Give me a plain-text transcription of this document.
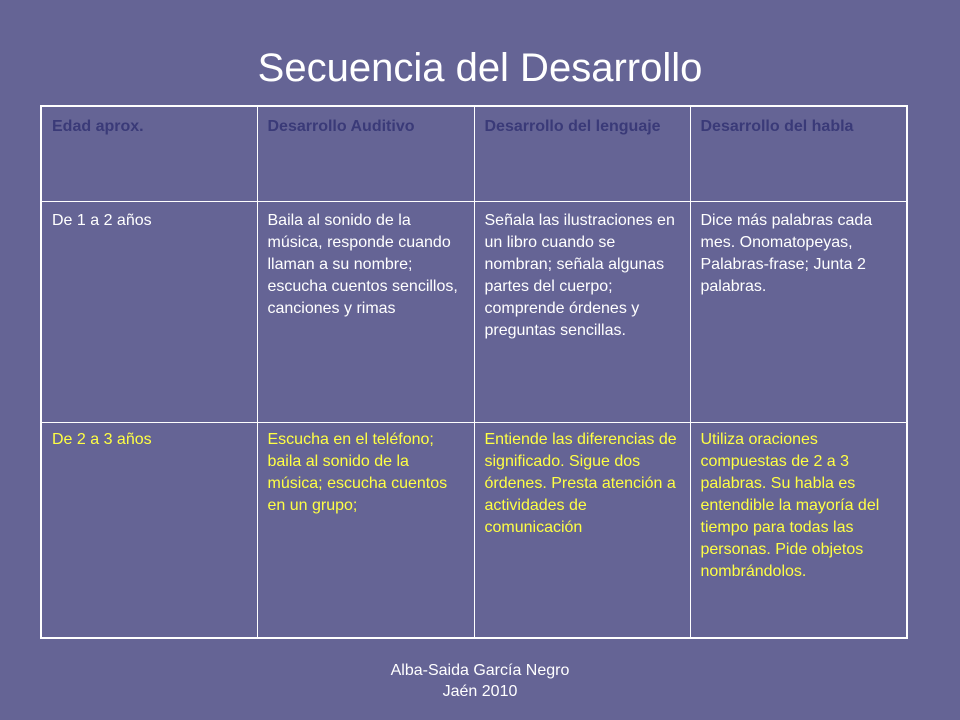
Secuencia del Desarrollo
Edad aprox.	Desarrollo Auditivo	Desarrollo del lenguaje	Desarrollo del habla
De 1 a 2 años	Baila al sonido de la música, responde cuando llaman a su nombre; escucha cuentos sencillos, canciones y rimas	Señala las ilustraciones en un libro cuando se nombran; señala algunas partes del cuerpo; comprende órdenes y preguntas sencillas.	Dice más palabras cada mes. Onomatopeyas, Palabras-frase; Junta 2 palabras.
De 2 a 3 años	Escucha en el teléfono; baila al sonido de la música; escucha cuentos en un grupo;	Entiende las diferencias de significado. Sigue dos órdenes. Presta atención a actividades de comunicación	Utiliza oraciones compuestas de 2 a 3 palabras. Su habla es entendible la mayoría del tiempo para todas las personas. Pide objetos nombrándolos.
Alba-Saida García Negro
Jaén 2010
